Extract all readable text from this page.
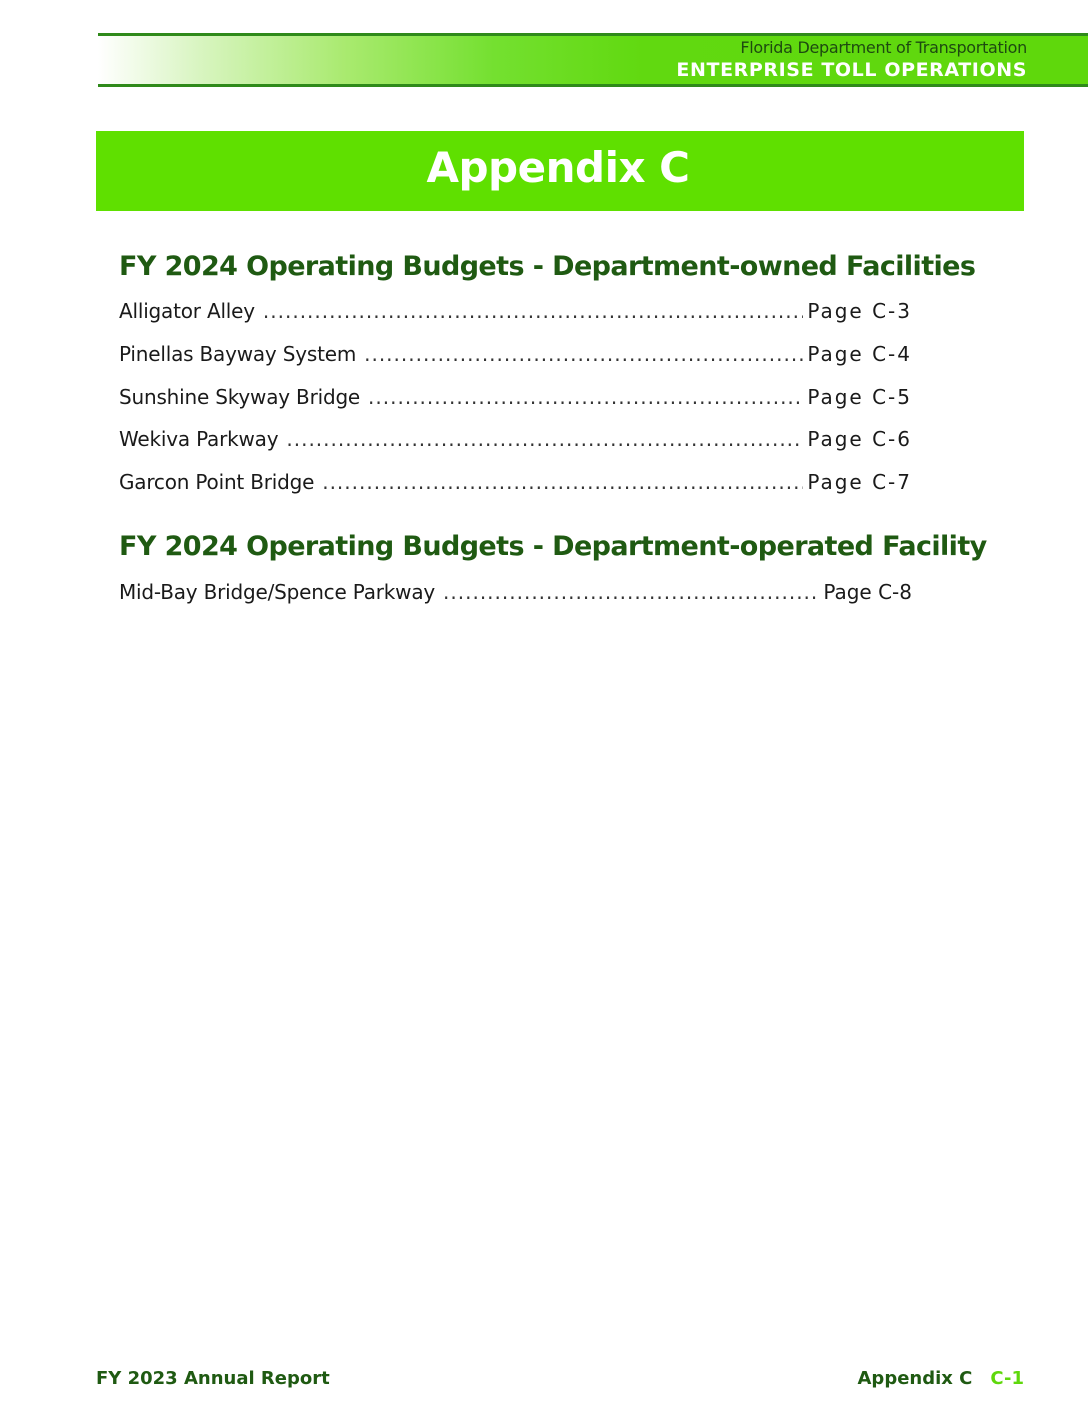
Florida Department of Transportation
ENTERPRISE TOLL OPERATIONS
Appendix C
FY 2024 Operating Budgets - Department-owned Facilities
Alligator Alley .....	Page C-3
Pinellas Bayway System .....	Page C-4
Sunshine Skyway Bridge .....	Page C-5
Wekiva Parkway .....	Page C-6
Garcon Point Bridge .....	Page C-7
FY 2024 Operating Budgets - Department-operated Facility
Mid-Bay Bridge/Spence Parkway .....	Page C-8
FY 2023 Annual Report	Appendix C C-1
